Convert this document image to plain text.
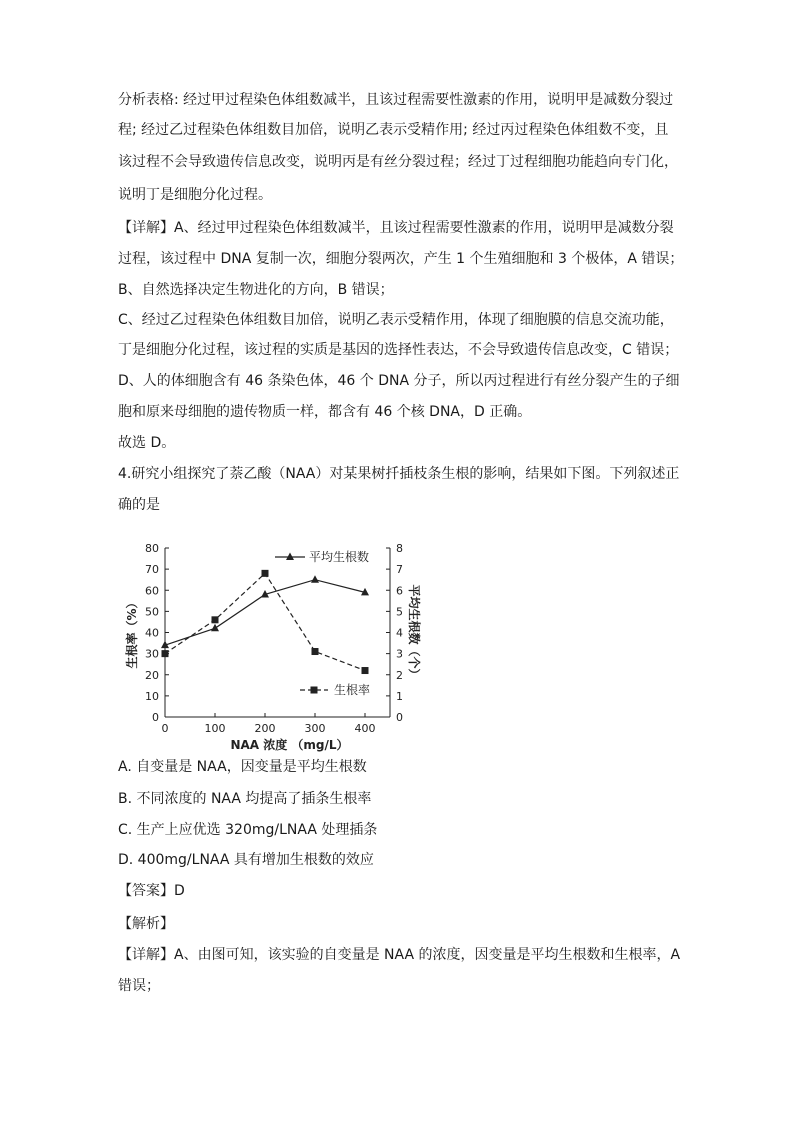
分析表格: 经过甲过程染色体组数减半，且该过程需要性激素的作用，说明甲是减数分裂过
程; 经过乙过程染色体组数目加倍，说明乙表示受精作用; 经过丙过程染色体组数不变，且
该过程不会导致遗传信息改变，说明丙是有丝分裂过程；经过丁过程细胞功能趋向专门化，
说明丁是细胞分化过程。
【详解】A、经过甲过程染色体组数减半，且该过程需要性激素的作用，说明甲是减数分裂
过程，该过程中 DNA 复制一次，细胞分裂两次，产生 1 个生殖细胞和 3 个极体，A 错误；
B、自然选择决定生物进化的方向，B 错误；
C、经过乙过程染色体组数目加倍，说明乙表示受精作用，体现了细胞膜的信息交流功能，
丁是细胞分化过程，该过程的实质是基因的选择性表达，不会导致遗传信息改变，C 错误；
D、人的体细胞含有 46 条染色体，46 个 DNA 分子，所以丙过程进行有丝分裂产生的子细
胞和原来母细胞的遗传物质一样，都含有 46 个核 DNA，D 正确。
故选 D。
4.研究小组探究了萘乙酸（NAA）对某果树扦插枝条生根的影响，结果如下图。下列叙述正
确的是
A. 自变量是 NAA，因变量是平均生根数
B. 不同浓度的 NAA 均提高了插条生根率
C. 生产上应优选 320mg/LNAA 处理插条
D. 400mg/LNAA 具有增加生根数的效应
【答案】D
【解析】
【详解】A、由图可知，该实验的自变量是 NAA 的浓度，因变量是平均生根数和生根率，A
错误；
0	100	200	300	400
0
10
20
30
40
50
60
70
80
0
1
2
3
4
5
6
7
8
NAA 浓度 （mg/L）
生根率（%）	平均生根数（个）
平均生根数
生根率
